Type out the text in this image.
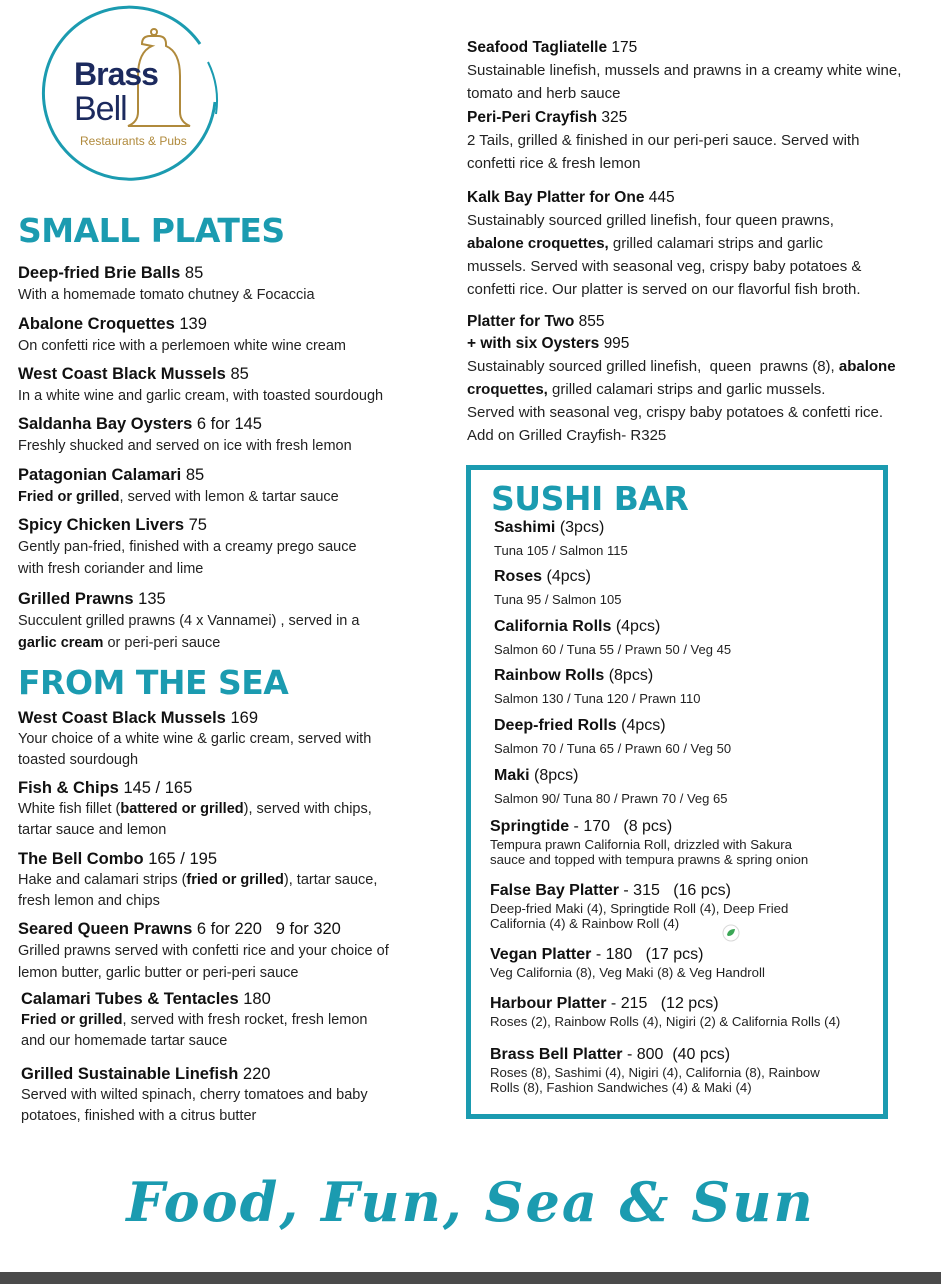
Brass
Bell
Restaurants & Pubs
SMALL PLATES
Deep-fried Brie Balls 85
With a homemade tomato chutney & Focaccia
Abalone Croquettes 139
On confetti rice with a perlemoen white wine cream
West Coast Black Mussels 85
In a white wine and garlic cream, with toasted sourdough
Saldanha Bay Oysters 6 for 145
Freshly shucked and served on ice with fresh lemon
Patagonian Calamari 85
Fried or grilled, served with lemon & tartar sauce
Spicy Chicken Livers 75
Gently pan-fried, finished with a creamy prego sauce
with fresh coriander and lime
Grilled Prawns 135
Succulent grilled prawns (4 x Vannamei) , served in a
garlic cream or peri-peri sauce
FROM THE SEA
West Coast Black Mussels 169
Your choice of a white wine & garlic cream, served with
toasted sourdough
Fish & Chips 145 / 165
White fish fillet (battered or grilled), served with chips,
tartar sauce and lemon
The Bell Combo 165 / 195
Hake and calamari strips (fried or grilled), tartar sauce,
fresh lemon and chips
Seared Queen Prawns 6 for 220   9 for 320
Grilled prawns served with confetti rice and your choice of
lemon butter, garlic butter or peri-peri sauce
Calamari Tubes & Tentacles 180
Fried or grilled, served with fresh rocket, fresh lemon
and our homemade tartar sauce
Grilled Sustainable Linefish 220
Served with wilted spinach, cherry tomatoes and baby
potatoes, finished with a citrus butter
Seafood Tagliatelle 175
Sustainable linefish, mussels and prawns in a creamy white wine,
tomato and herb sauce
Peri-Peri Crayfish 325
2 Tails, grilled & finished in our peri-peri sauce. Served with
confetti rice & fresh lemon
Kalk Bay Platter for One 445
Sustainably sourced grilled linefish, four queen prawns,
abalone croquettes, grilled calamari strips and garlic
mussels. Served with seasonal veg, crispy baby potatoes &
confetti rice. Our platter is served on our flavorful fish broth.
Platter for Two 855
+ with six Oysters 995
Sustainably sourced grilled linefish,  queen  prawns (8), abalone
croquettes, grilled calamari strips and garlic mussels.
Served with seasonal veg, crispy baby potatoes & confetti rice.
Add on Grilled Crayfish- R325
SUSHI BAR
Sashimi (3pcs)
Tuna 105 / Salmon 115
Roses (4pcs)
Tuna 95 / Salmon 105
California Rolls (4pcs)
Salmon 60 / Tuna 55 / Prawn 50 / Veg 45
Rainbow Rolls (8pcs)
Salmon 130 / Tuna 120 / Prawn 110
Deep-fried Rolls (4pcs)
Salmon 70 / Tuna 65 / Prawn 60 / Veg 50
Maki (8pcs)
Salmon 90/ Tuna 80 / Prawn 70 / Veg 65
Springtide - 170   (8 pcs)
Tempura prawn California Roll, drizzled with Sakura
sauce and topped with tempura prawns & spring onion
False Bay Platter - 315   (16 pcs)
Deep-fried Maki (4), Springtide Roll (4), Deep Fried
California (4) & Rainbow Roll (4)
Vegan Platter - 180   (17 pcs)
Veg California (8), Veg Maki (8) & Veg Handroll
Harbour Platter - 215   (12 pcs)
Roses (2), Rainbow Rolls (4), Nigiri (2) & California Rolls (4)
Brass Bell Platter - 800  (40 pcs)
Roses (8), Sashimi (4), Nigiri (4), California (8), Rainbow
Rolls (8), Fashion Sandwiches (4) & Maki (4)
Food, Fun, Sea & Sun
